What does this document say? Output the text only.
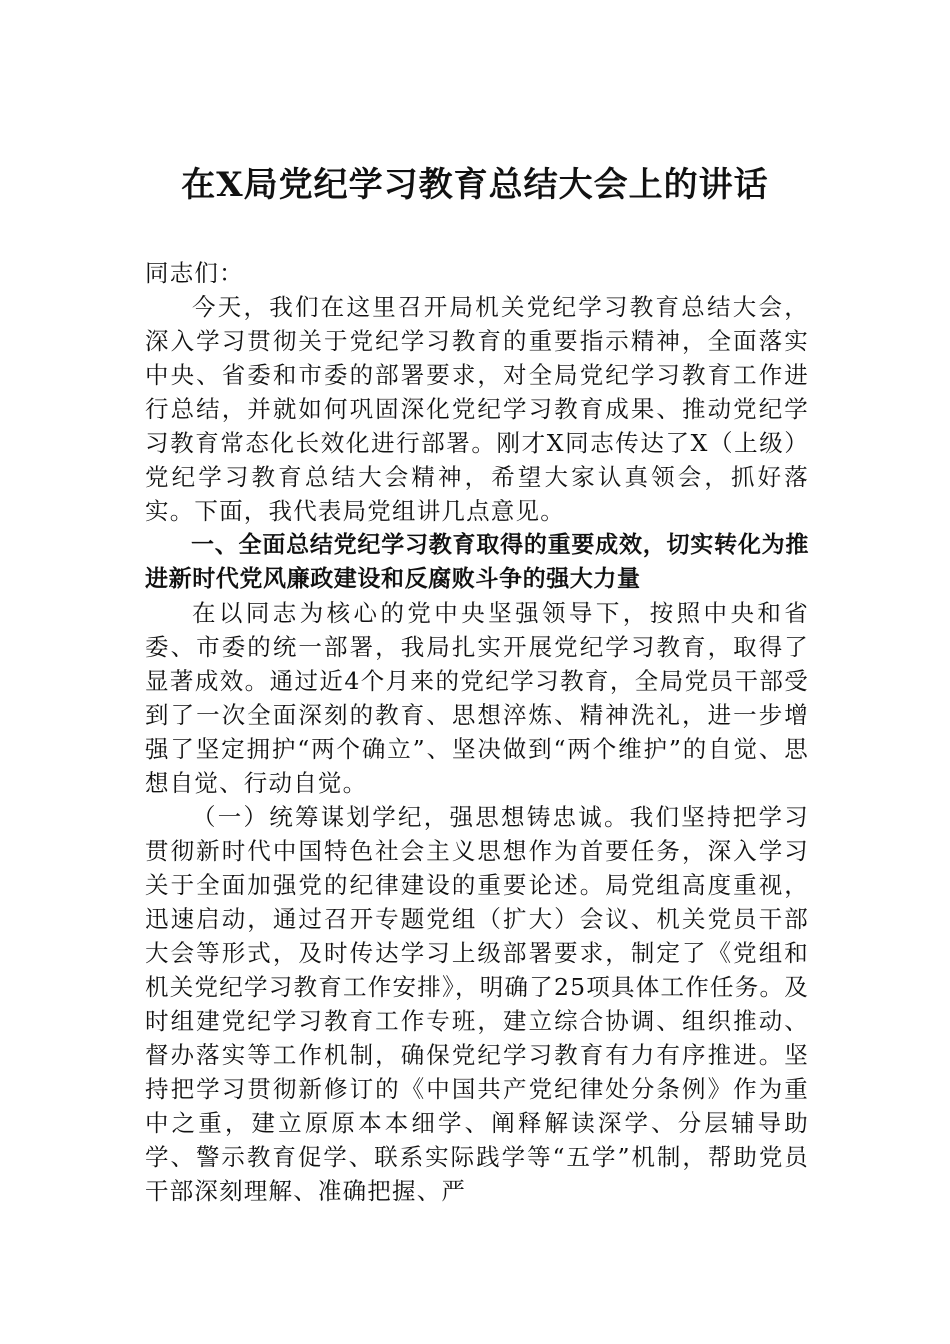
在X局党纪学习教育总结大会上的讲话

同志们：

今天，我们在这里召开局机关党纪学习教育总结大会，深入学习贯彻关于党纪学习教育的重要指示精神，全面落实中央、省委和市委的部署要求，对全局党纪学习教育工作进行总结，并就如何巩固深化党纪学习教育成果、推动党纪学习教育常态化长效化进行部署。刚才X同志传达了X（上级）党纪学习教育总结大会精神，希望大家认真领会，抓好落实。下面，我代表局党组讲几点意见。

一、全面总结党纪学习教育取得的重要成效，切实转化为推进新时代党风廉政建设和反腐败斗争的强大力量

在以同志为核心的党中央坚强领导下，按照中央和省委、市委的统一部署，我局扎实开展党纪学习教育，取得了显著成效。通过近4个月来的党纪学习教育，全局党员干部受到了一次全面深刻的教育、思想淬炼、精神洗礼，进一步增强了坚定拥护“两个确立”、坚决做到“两个维护”的自觉、思想自觉、行动自觉。

（一）统筹谋划学纪，强思想铸忠诚。我们坚持把学习贯彻新时代中国特色社会主义思想作为首要任务，深入学习关于全面加强党的纪律建设的重要论述。局党组高度重视，迅速启动，通过召开专题党组（扩大）会议、机关党员干部大会等形式，及时传达学习上级部署要求，制定了《党组和机关党纪学习教育工作安排》，明确了25项具体工作任务。及时组建党纪学习教育工作专班，建立综合协调、组织推动、督办落实等工作机制，确保党纪学习教育有力有序推进。坚持把学习贯彻新修订的《中国共产党纪律处分条例》作为重中之重，建立原原本本细学、阐释解读深学、分层辅导助学、警示教育促学、联系实际践学等“五学”机制，帮助党员干部深刻理解、准确把握、严
